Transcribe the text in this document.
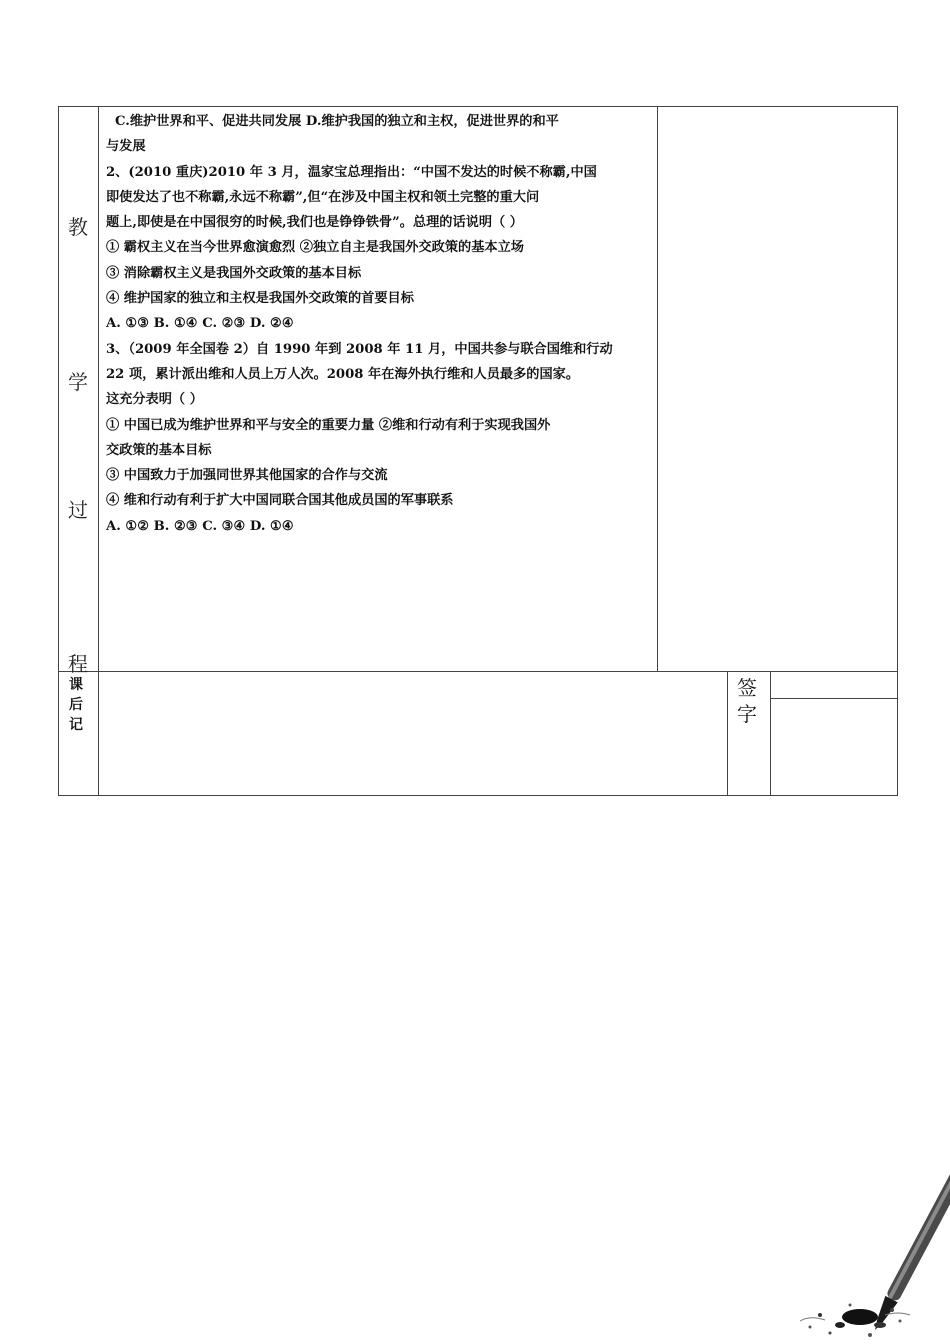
教
学
过
程
C.维护世界和平、促进共同发展 D.维护我国的独立和主权，促进世界的和平
与发展
2、(2010 重庆)2010 年 3 月，温家宝总理指出：“中国不发达的时候不称霸,中国
即使发达了也不称霸,永远不称霸”,但“在涉及中国主权和领土完整的重大问
题上,即使是在中国很穷的时候,我们也是铮铮铁骨”。总理的话说明（ ）
① 霸权主义在当今世界愈演愈烈 ②独立自主是我国外交政策的基本立场
③ 消除霸权主义是我国外交政策的基本目标
④ 维护国家的独立和主权是我国外交政策的首要目标
A. ①③ B. ①④ C. ②③ D. ②④
3、（2009 年全国卷 2）自 1990 年到 2008 年 11 月，中国共参与联合国维和行动
22 项，累计派出维和人员上万人次。2008 年在海外执行维和人员最多的国家。
这充分表明（ ）
① 中国已成为维护世界和平与安全的重要力量 ②维和行动有利于实现我国外
交政策的基本目标
③ 中国致力于加强同世界其他国家的合作与交流
④ 维和行动有利于扩大中国同联合国其他成员国的军事联系
A. ①② B. ②③ C. ③④ D. ①④
课
后
记
签
字
